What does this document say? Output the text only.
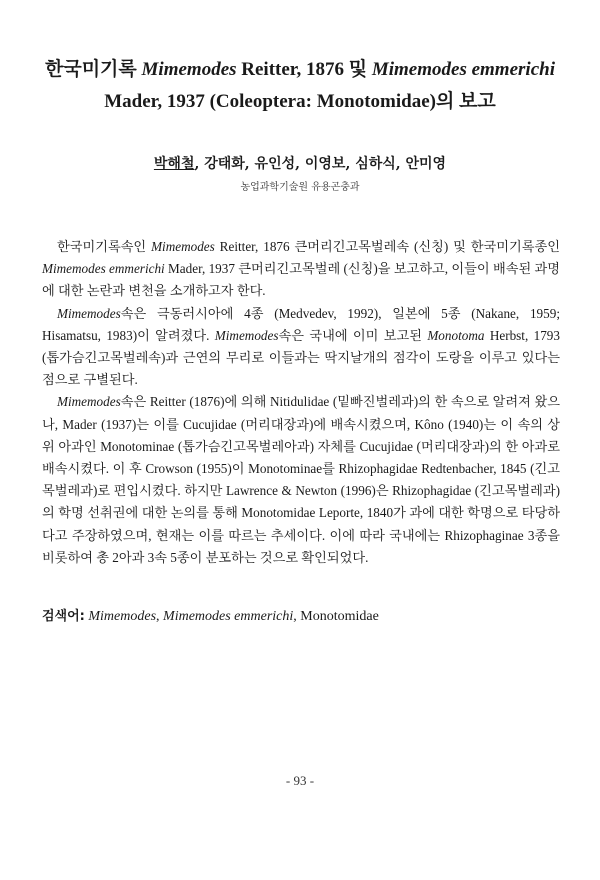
한국미기록 Mimemodes Reitter, 1876 및 Mimemodes emmerichi
Mader, 1937 (Coleoptera: Monotomidae)의 보고
박해철, 강태화, 유인성, 이영보, 심하식, 안미영
농업과학기술원 유용곤충과

한국미기록속인 Mimemodes Reitter, 1876 큰머리긴고목벌레속 (신칭) 및 한국미기록종인 Mimemodes emmerichi Mader, 1937 큰머리긴고목벌레 (신칭)을 보고하고, 이들이 배속된 과명에 대한 논란과 변천을 소개하고자 한다.

Mimemodes속은 극동러시아에 4종 (Medvedev, 1992), 일본에 5종 (Nakane, 1959; Hisamatsu, 1983)이 알려졌다. Mimemodes속은 국내에 이미 보고된 Monotoma Herbst, 1793 (톱가슴긴고목벌레속)과 근연의 무리로 이들과는 딱지날개의 점각이 도랑을 이루고 있다는 점으로 구별된다.

Mimemodes속은 Reitter (1876)에 의해 Nitidulidae (밑빠진벌레과)의 한 속으로 알려져 왔으나, Mader (1937)는 이를 Cucujidae (머리대장과)에 배속시켰으며, Kôno (1940)는 이 속의 상위 아과인 Monotominae (톱가슴긴고목벌레아과) 자체를 Cucujidae (머리대장과)의 한 아과로 배속시켰다. 이 후 Crowson (1955)이 Monotominae를 Rhizophagidae Redtenbacher, 1845 (긴고목벌레과)로 편입시켰다. 하지만 Lawrence & Newton (1996)은 Rhizophagidae (긴고목벌레과)의 학명 선취권에 대한 논의를 통해 Monotomidae Leporte, 1840가 과에 대한 학명으로 타당하다고 주장하였으며, 현재는 이를 따르는 추세이다. 이에 따라 국내에는 Rhizophaginae 3종을 비롯하여 총 2아과 3속 5종이 분포하는 것으로 확인되었다.

검색어: Mimemodes, Mimemodes emmerichi, Monotomidae
- 93 -
